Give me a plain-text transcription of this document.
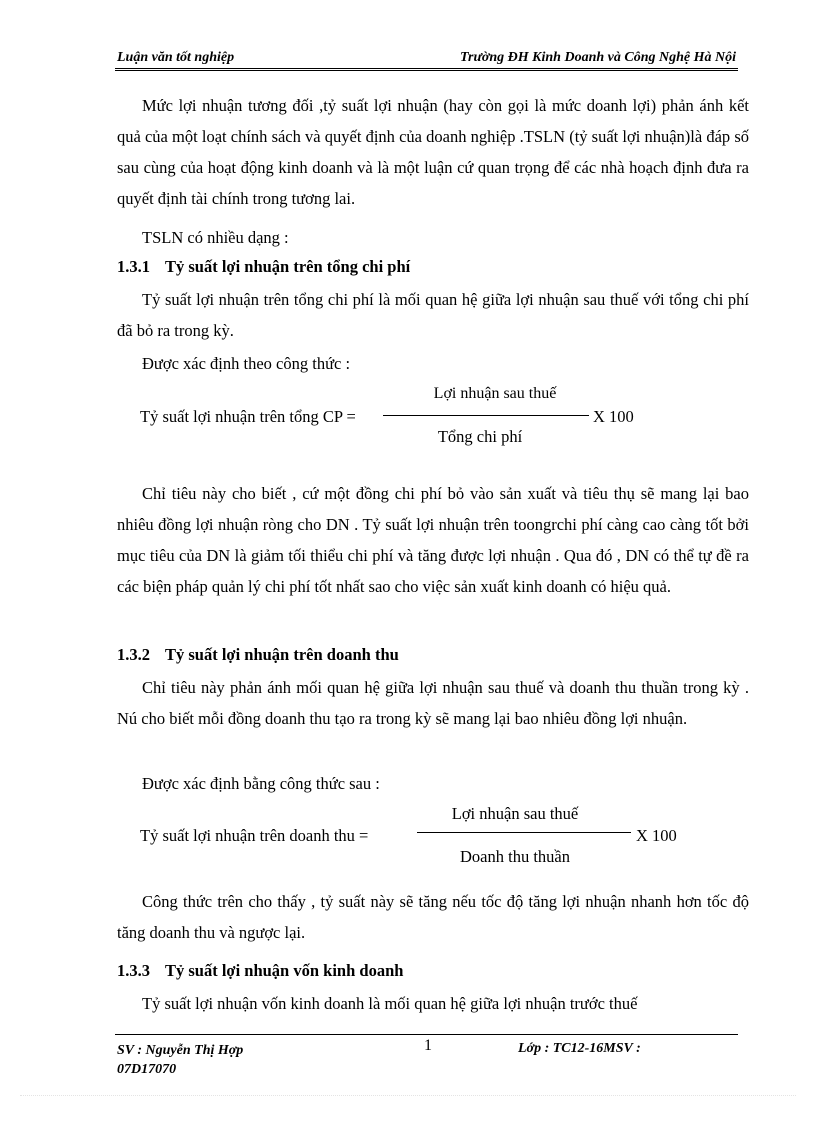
Luận văn tốt nghiệp	Trường ĐH Kinh Doanh và Công Nghệ Hà Nội

Mức lợi nhuận tương đối ,tỷ suất lợi nhuận (hay còn gọi là mức doanh lợi) phản ánh kết quả của một loạt chính sách và quyết định của doanh nghiệp .TSLN (tỷ suất lợi nhuận)là đáp số sau cùng của hoạt động kinh doanh và là một luận cứ quan trọng để các nhà hoạch định đưa ra quyết định tài chính trong tương lai.

TSLN có nhiều dạng :

1.3.1 Tỷ suất lợi nhuận trên tổng chi phí

Tỷ suất lợi nhuận trên tổng chi phí là mối quan hệ giữa lợi nhuận sau thuế với tổng chi phí đã bỏ ra trong kỳ.

Được xác định theo công thức :

Lợi nhuận sau thuế
Tỷ suất lợi nhuận trên tổng CP =	X 100
Tổng chi phí

Chỉ tiêu này cho biết , cứ một đồng chi phí bỏ vào sản xuất và tiêu thụ sẽ mang lại bao nhiêu đồng lợi nhuận ròng cho DN . Tỷ suất lợi nhuận trên toongrchi phí càng cao càng tốt bởi mục tiêu của DN là giảm tối thiểu chi phí và tăng được lợi nhuận . Qua đó , DN có thể tự đề ra các biện pháp quản lý chi phí tốt nhất sao cho việc sản xuất kinh doanh có hiệu quả.

1.3.2 Tỷ suất lợi nhuận trên doanh thu

Chỉ tiêu này phản ánh mối quan hệ giữa lợi nhuận sau thuế và doanh thu thuần trong kỳ . Nú cho biết mỗi đồng doanh thu tạo ra trong kỳ sẽ mang lại bao nhiêu đồng lợi nhuận.

Được xác định bằng công thức sau :

Lợi nhuận sau thuế
Tỷ suất lợi nhuận trên doanh thu =	X 100
Doanh thu thuần

Công thức trên cho thấy , tỷ suất này sẽ tăng nếu tốc độ tăng lợi nhuận nhanh hơn tốc độ tăng doanh thu và ngược lại.

1.3.3 Tỷ suất lợi nhuận vốn kinh doanh

Tỷ suất lợi nhuận vốn kinh doanh là mối quan hệ giữa lợi nhuận trước thuế

SV : Nguyễn Thị Hợp
07D17070
1	Lớp : TC12-16MSV :
